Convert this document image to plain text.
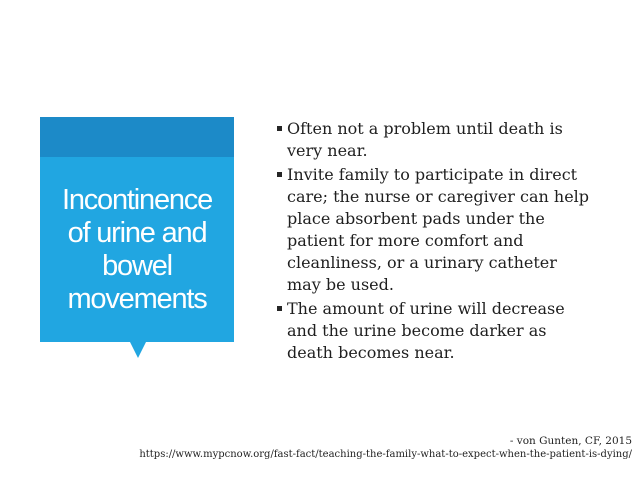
Incontinence
of urine and
bowel
movements
Often not a problem until death is
very near.
Invite family to participate in direct
care; the nurse or caregiver can help
place absorbent pads under the
patient for more comfort and
cleanliness, or a urinary catheter
may be used.
The amount of urine will decrease
and the urine become darker as
death becomes near.
- von Gunten, CF, 2015
https://www.mypcnow.org/fast-fact/teaching-the-family-what-to-expect-when-the-patient-is-dying/
